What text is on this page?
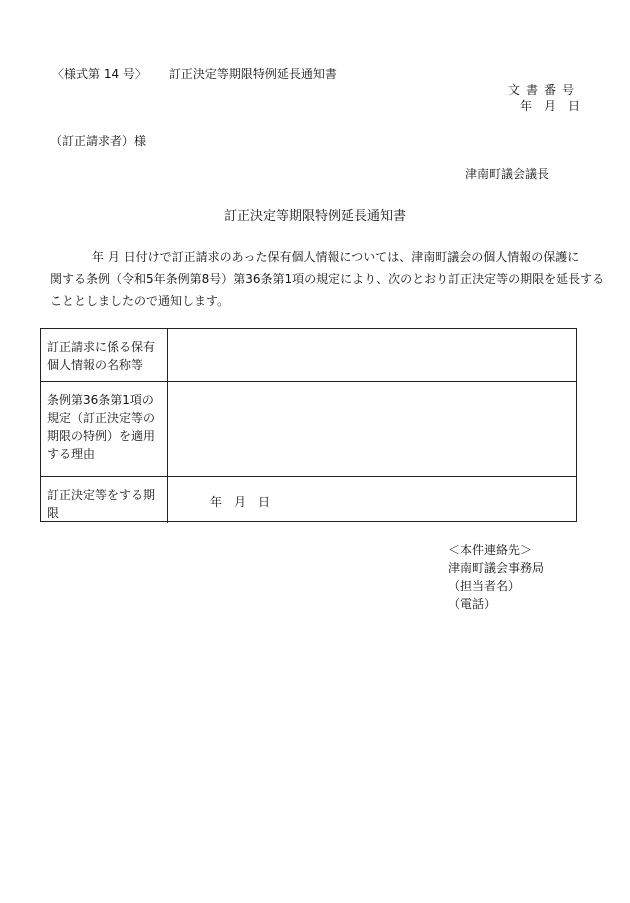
〈様式第 14 号〉 訂正決定等期限特例延長通知書
文書番号
年　月　日
（訂正請求者）様
津南町議会議長
訂正決定等期限特例延長通知書

年 月 日付けで訂正請求のあった保有個人情報については、津南町議会の個人情報の保護に

関する条例（令和5年条例第8号）第36条第1項の規定により、次のとおり訂正決定等の期限を延長する

こととしましたので通知します。

訂正請求に係る保有個人情報の名称等
条例第36条第1項の規定（訂正決定等の期限の特例）を適用する理由
訂正決定等をする期限
年　月　日
＜本件連絡先＞
津南町議会事務局
（担当者名）
（電話）
